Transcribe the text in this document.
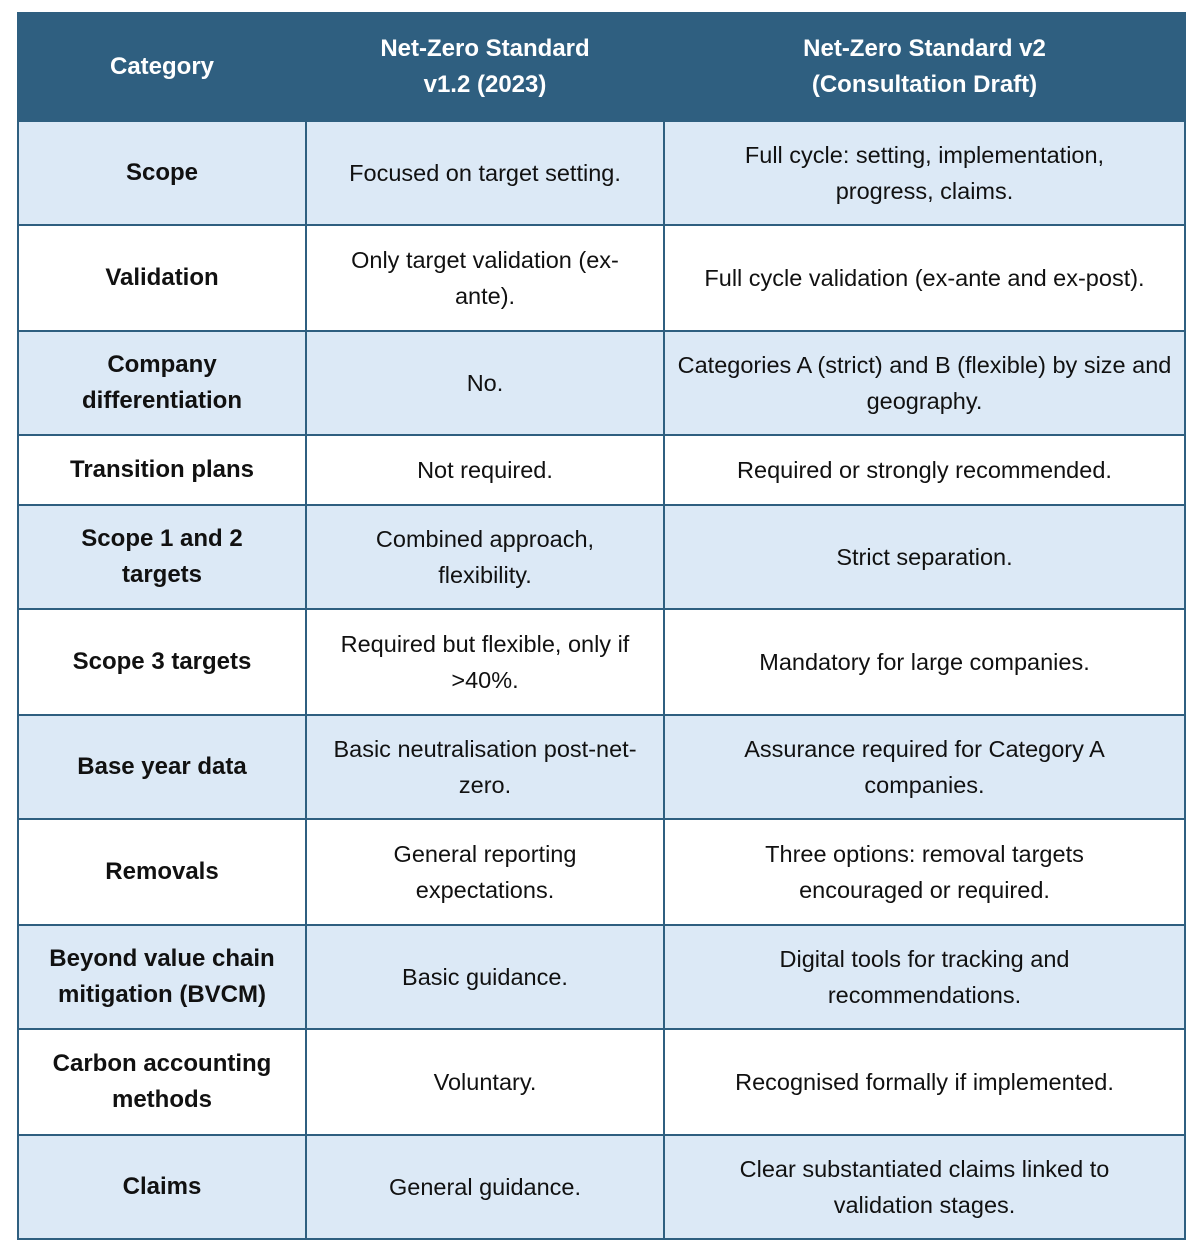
Category	Net-Zero Standard v1.2 (2023)	Net-Zero Standard v2 (Consultation Draft)
Scope	Focused on target setting.	Full cycle: setting, implementation, progress, claims.
Validation	Only target validation (ex-ante).	Full cycle validation (ex-ante and ex-post).
Company differentiation	No.	Categories A (strict) and B (flexible) by size and geography.
Transition plans	Not required.	Required or strongly recommended.
Scope 1 and 2 targets	Combined approach, flexibility.	Strict separation.
Scope 3 targets	Required but flexible, only if >40%.	Mandatory for large companies.
Base year data	Basic neutralisation post-net-zero.	Assurance required for Category A companies.
Removals	General reporting expectations.	Three options: removal targets encouraged or required.
Beyond value chain mitigation (BVCM)	Basic guidance.	Digital tools for tracking and recommendations.
Carbon accounting methods	Voluntary.	Recognised formally if implemented.
Claims	General guidance.	Clear substantiated claims linked to validation stages.
